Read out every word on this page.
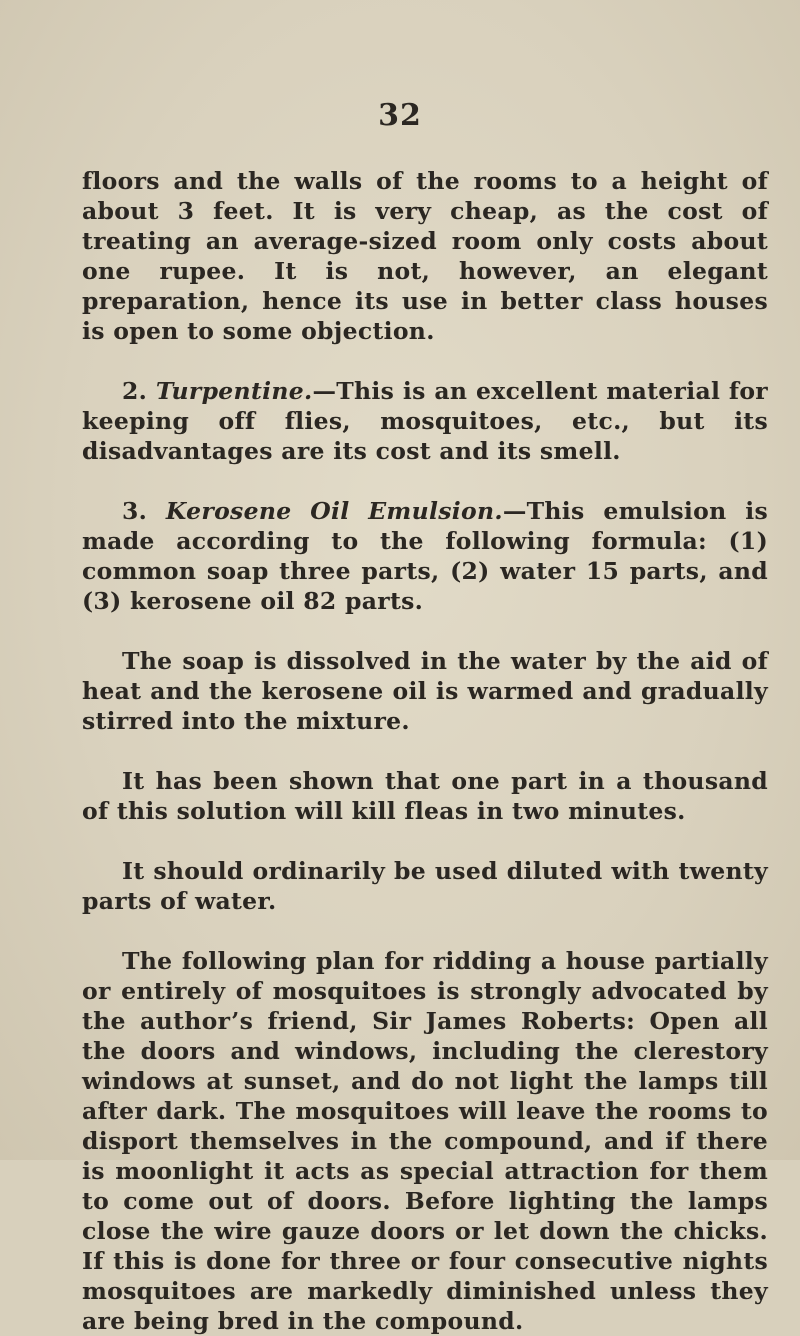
32

floors and the walls of the rooms to a height of about 3 feet. It is very cheap, as the cost of treating an average-sized room only costs about one rupee. It is not, however, an elegant preparation, hence its use in better class houses is open to some objection.

2. Turpentine.—This is an excellent material for keeping off flies, mosquitoes, etc., but its disadvantages are its cost and its smell.

3. Kerosene Oil Emulsion.—This emulsion is made according to the following formula: (1) common soap three parts, (2) water 15 parts, and (3) kerosene oil 82 parts.

The soap is dissolved in the water by the aid of heat and the kerosene oil is warmed and gradually stirred into the mixture.

It has been shown that one part in a thousand of this solution will kill fleas in two minutes.

It should ordinarily be used diluted with twenty parts of water.

The following plan for ridding a house partially or entirely of mosquitoes is strongly advocated by the author’s friend, Sir James Roberts: Open all the doors and windows, including the clerestory windows at sunset, and do not light the lamps till after dark. The mosquitoes will leave the rooms to disport themselves in the compound, and if there is moonlight it acts as special attraction for them to come out of doors. Before lighting the lamps close the wire gauze doors or let down the chicks. If this is done for three or four consecutive nights mosquitoes are markedly diminished unless they are being bred in the compound.
